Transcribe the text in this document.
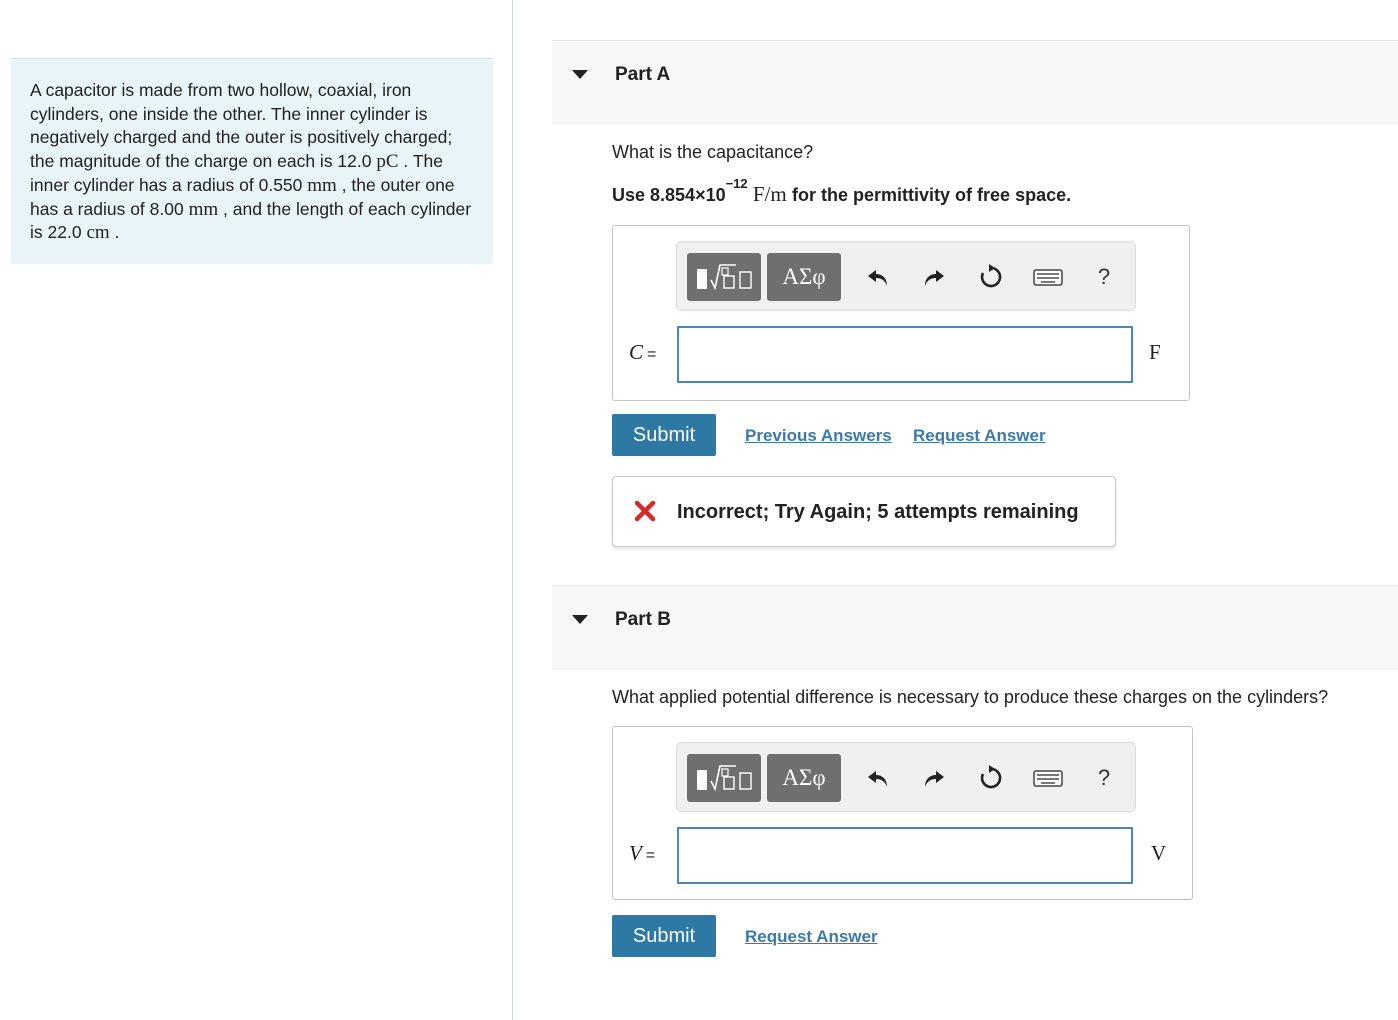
A capacitor is made from two hollow, coaxial, iron cylinders, one inside the other. The inner cylinder is negatively charged and the outer is positively charged; the magnitude of the charge on each is 12.0 pC . The inner cylinder has a radius of 0.550 mm , the outer one has a radius of 8.00 mm , and the length of each cylinder is 22.0 cm .
Part A
What is the capacitance?
Use $8.854\times 10^{-12}$ F/m for the permittivity of free space.
ΑΣφ	?
C =	F
Submit	Previous Answers Request Answer
Incorrect; Try Again; 5 attempts remaining
Part B
What applied potential difference is necessary to produce these charges on the cylinders?
ΑΣφ	?
V =	V
Submit	Request Answer
